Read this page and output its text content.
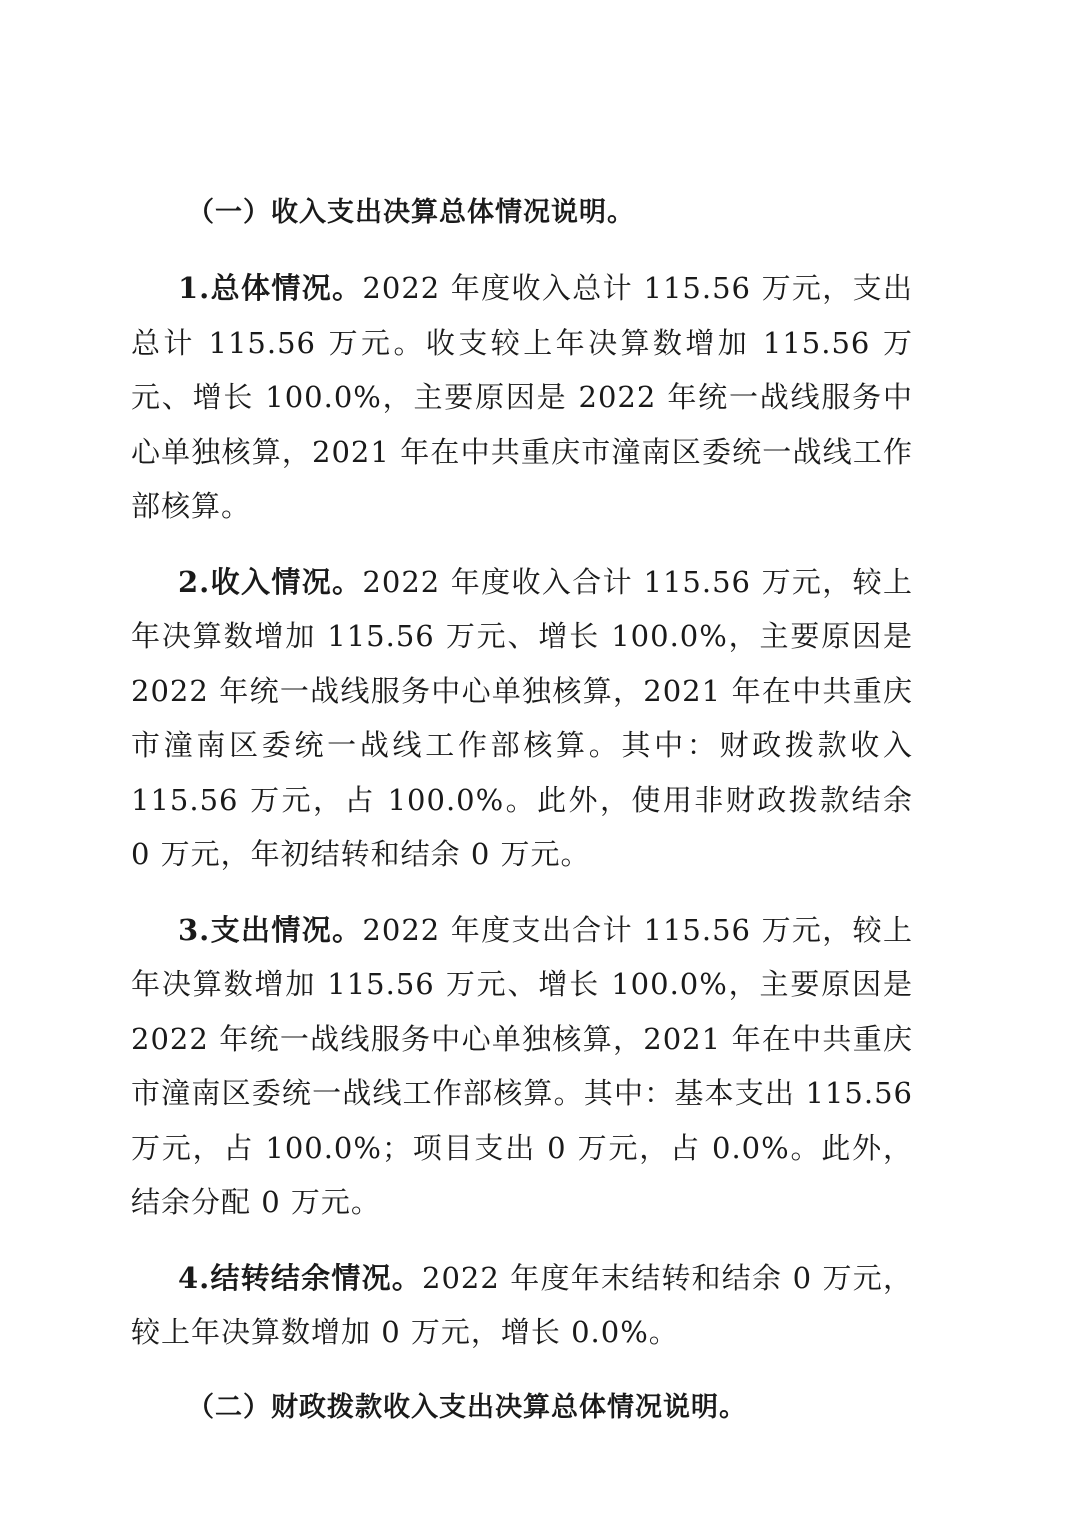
（一）收入支出决算总体情况说明。

1.总体情况。2022 年度收入总计 115.56 万元，支出总计 115.56 万元。收支较上年决算数增加 115.56 万元、增长 100.0%，主要原因是 2022 年统一战线服务中心单独核算，2021 年在中共重庆市潼南区委统一战线工作部核算。

2.收入情况。2022 年度收入合计 115.56 万元，较上年决算数增加 115.56 万元、增长 100.0%，主要原因是 2022 年统一战线服务中心单独核算，2021 年在中共重庆市潼南区委统一战线工作部核算。其中：财政拨款收入 115.56 万元，占 100.0%。此外，使用非财政拨款结余 0 万元，年初结转和结余 0 万元。

3.支出情况。2022 年度支出合计 115.56 万元，较上年决算数增加 115.56 万元、增长 100.0%，主要原因是 2022 年统一战线服务中心单独核算，2021 年在中共重庆市潼南区委统一战线工作部核算。其中：基本支出 115.56 万元，占 100.0%；项目支出 0 万元，占 0.0%。此外，结余分配 0 万元。

4.结转结余情况。2022 年度年末结转和结余 0 万元，较上年决算数增加 0 万元，增长 0.0%。

（二）财政拨款收入支出决算总体情况说明。
